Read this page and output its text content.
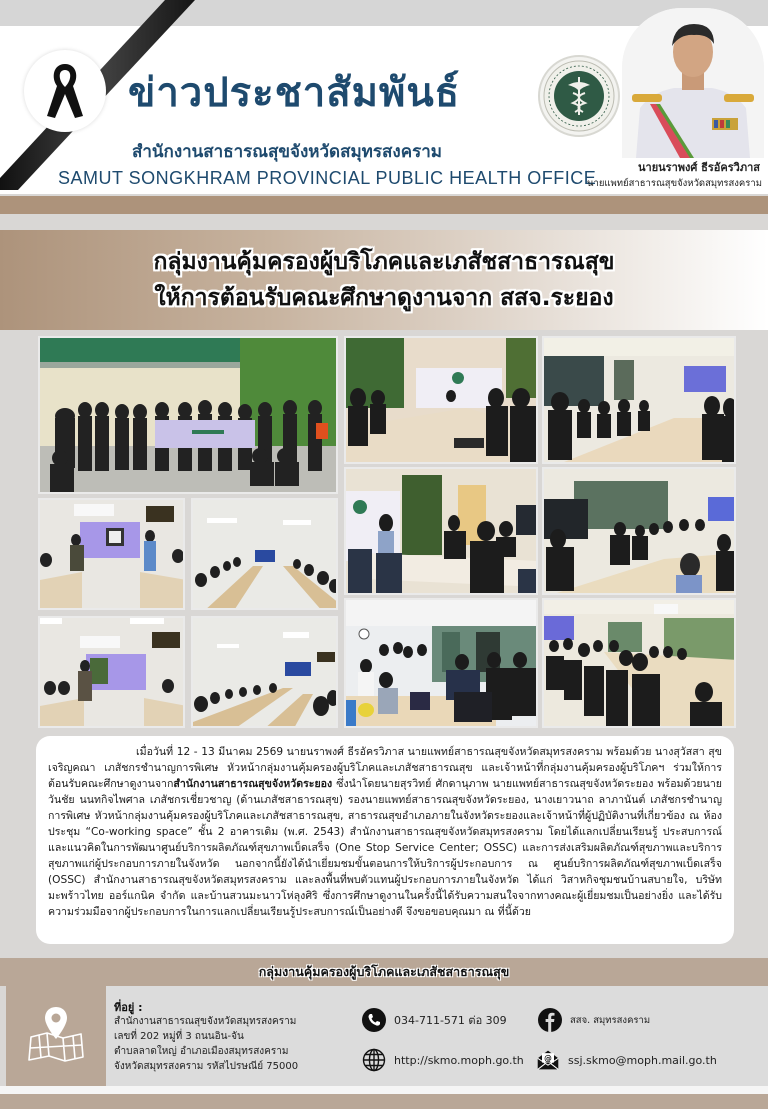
ข่าวประชาสัมพันธ์
สำนักงานสาธารณสุขจังหวัดสมุทรสงคราม
SAMUT SONGKHRAM PROVINCIAL PUBLIC HEALTH OFFICE
นายนราพงศ์ ธีรอัครวิภาส
นายแพทย์สาธารณสุขจังหวัดสมุทรสงคราม
กลุ่มงานคุ้มครองผู้บริโภคและเภสัชสาธารณสุข
ให้การต้อนรับคณะศึกษาดูงานจาก สสจ.ระยอง

เมื่อวันที่ 12 - 13 มีนาคม 2569 นายนราพงศ์ ธีรอัครวิภาส นายแพทย์สาธารณสุขจังหวัดสมุทรสงคราม พร้อมด้วย นางสุวัสสา สุขเจริญคณา เภสัชกรชำนาญการพิเศษ หัวหน้ากลุ่มงานคุ้มครองผู้บริโภคและเภสัชสาธารณสุข และเจ้าหน้าที่กลุ่มงานคุ้มครองผู้บริโภคฯ ร่วมให้การต้อนรับคณะศึกษาดูงานจากสำนักงานสาธารณสุขจังหวัดระยอง ซึ่งนำโดยนายสุรวิทย์ ศักดานุภาพ นายแพทย์สาธารณสุขจังหวัดระยอง พร้อมด้วยนายวันชัย นนทกิจไพศาล เภสัชกรเชี่ยวชาญ (ด้านเภสัชสาธารณสุข) รองนายแพทย์สาธารณสุขจังหวัดระยอง, นางเยาวนาถ ลาภานันต์ เภสัชกรชำนาญการพิเศษ หัวหน้ากลุ่มงานคุ้มครองผู้บริโภคและเภสัชสาธารณสุข, สาธารณสุขอำเภอภายในจังหวัดระยองและเจ้าหน้าที่ผู้ปฏิบัติงานที่เกี่ยวข้อง ณ ห้องประชุม “Co-working space” ชั้น 2 อาคารเดิม (พ.ศ. 2543) สำนักงานสาธารณสุขจังหวัดสมุทรสงคราม โดยได้แลกเปลี่ยนเรียนรู้ ประสบการณ์และแนวคิดในการพัฒนาศูนย์บริการผลิตภัณฑ์สุขภาพเบ็ดเสร็จ (One Stop Service Center; OSSC) และการส่งเสริมผลิตภัณฑ์สุขภาพและบริการสุขภาพแก่ผู้ประกอบการภายในจังหวัด นอกจากนี้ยังได้นำเยี่ยมชมขั้นตอนการให้บริการผู้ประกอบการ ณ ศูนย์บริการผลิตภัณฑ์สุขภาพเบ็ดเสร็จ (OSSC) สำนักงานสาธารณสุขจังหวัดสมุทรสงคราม และลงพื้นที่พบตัวแทนผู้ประกอบการภายในจังหวัด ได้แก่ วิสาหกิจชุมชนบ้านสบายใจ, บริษัท มะพร้าวไทย ออร์แกนิค จำกัด และบ้านสวนมะนาวโห่ลุงศิริ ซึ่งการศึกษาดูงานในครั้งนี้ได้รับความสนใจจากทางคณะผู้เยี่ยมชมเป็นอย่างยิ่ง และได้รับความร่วมมือจากผู้ประกอบการในการแลกเปลี่ยนเรียนรู้ประสบการณ์เป็นอย่างดี จึงขอขอบคุณมา ณ ที่นี้ด้วย

กลุ่มงานคุ้มครองผู้บริโภคและเภสัชสาธารณสุข
ที่อยู่ :
สำนักงานสาธารณสุขจังหวัดสมุทรสงคราม
เลขที่ 202 หมู่ที่ 3 ถนนอิน-จัน
ตำบลลาดใหญ่ อำเภอเมืองสมุทรสงคราม
จังหวัดสมุทรสงคราม รหัสไปรษณีย์ 75000
034-711-571 ต่อ 309	สสจ. สมุทรสงคราม
http://skmo.moph.go.th @ ssj.skmo@moph.mail.go.th
